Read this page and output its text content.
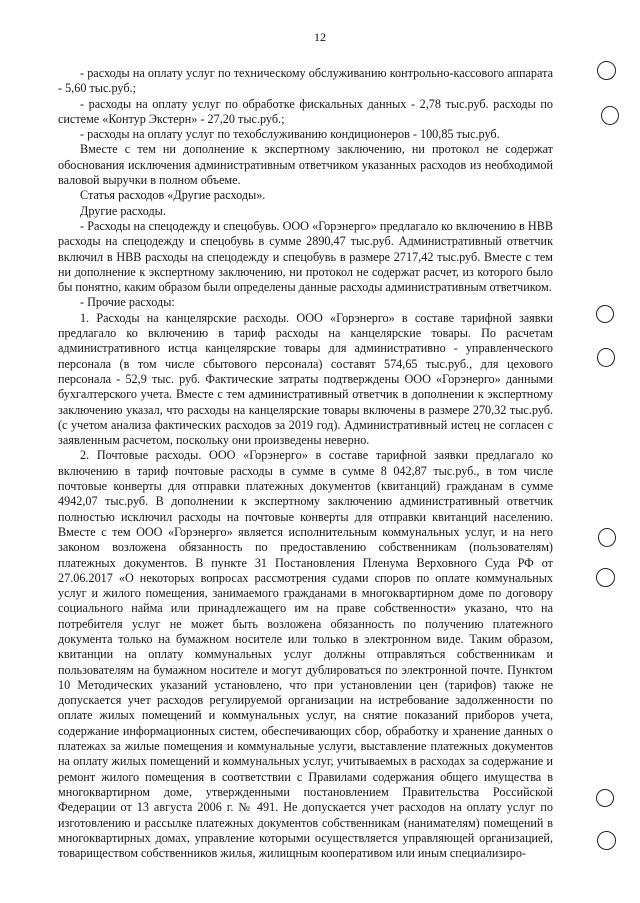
12

- расходы на оплату услуг по техническому обслуживанию контрольно-кассового аппарата - 5,60 тыс.руб.;

- расходы на оплату услуг по обработке фискальных данных - 2,78 тыс.руб. расходы по системе «Контур Экстерн» - 27,20 тыс.руб.;

- расходы на оплату услуг по техобслуживанию кондиционеров - 100,85 тыс.руб.

Вместе с тем ни дополнение к экспертному заключению, ни протокол не содержат обоснования исключения административным ответчиком указанных расходов из необходимой валовой выручки в полном объеме.

Статья расходов «Другие расходы».

Другие расходы.

- Расходы на спецодежду и спецобувь. ООО «Горэнерго» предлагало ко включению в НВВ расходы на спецодежду и спецобувь в сумме 2890,47 тыс.руб. Административный ответчик включил в НВВ расходы на спецодежду и спецобувь в размере 2717,42 тыс.руб. Вместе с тем ни дополнение к экспертному заключению, ни протокол не содержат расчет, из которого было бы понятно, каким образом были определены данные расходы административным ответчиком.

- Прочие расходы:

1. Расходы на канцелярские расходы. ООО «Горэнерго» в составе тарифной заявки предлагало ко включению в тариф расходы на канцелярские товары. По расчетам административного истца канцелярские товары для административно - управленческого персонала (в том числе сбытового персонала) составят 574,65 тыс.руб., для цехового персонала - 52,9 тыс. руб. Фактические затраты подтверждены ООО «Горэнерго» данными бухгалтерского учета. Вместе с тем административный ответчик в дополнении к экспертному заключению указал, что расходы на канцелярские товары включены в размере 270,32 тыс.руб. (с учетом анализа фактических расходов за 2019 год). Административный истец не согласен с заявленным расчетом, поскольку они произведены неверно.

2. Почтовые расходы. ООО «Горэнерго» в составе тарифной заявки предлагало ко включению в тариф почтовые расходы в сумме в сумме 8 042,87 тыс.руб., в том числе почтовые конверты для отправки платежных документов (квитанций) гражданам в сумме 4942,07 тыс.руб. В дополнении к экспертному заключению административный ответчик полностью исключил расходы на почтовые конверты для отправки квитанций населению. Вместе с тем ООО «Горэнерго» является исполнительным коммунальных услуг, и на него законом возложена обязанность по предоставлению собственникам (пользователям) платежных документов. В пункте 31 Постановления Пленума Верховного Суда РФ от 27.06.2017 «О некоторых вопросах рассмотрения судами споров по оплате коммунальных услуг и жилого помещения, занимаемого гражданами в многоквартирном доме по договору социального найма или принадлежащего им на праве собственности» указано, что на потребителя услуг не может быть возложена обязанность по получению платежного документа только на бумажном носителе или только в электронном виде. Таким образом, квитанции на оплату коммунальных услуг должны отправляться собственникам и пользователям на бумажном носителе и могут дублироваться по электронной почте. Пунктом 10 Методических указаний установлено, что при установлении цен (тарифов) также не допускается учет расходов регулируемой организации на истребование задолженности по оплате жилых помещений и коммунальных услуг, на снятие показаний приборов учета, содержание информационных систем, обеспечивающих сбор, обработку и хранение данных о платежах за жилые помещения и коммунальные услуги, выставление платежных документов на оплату жилых помещений и коммунальных услуг, учитываемых в расходах за содержание и ремонт жилого помещения в соответствии с Правилами содержания общего имущества в многоквартирном доме, утвержденными постановлением Правительства Российской Федерации от 13 августа 2006 г. № 491. Не допускается учет расходов на оплату услуг по изготовлению и рассылке платежных документов собственникам (нанимателям) помещений в многоквартирных домах, управление которыми осуществляется управляющей организацией, товариществом собственников жилья, жилищным кооперативом или иным специализиро-
